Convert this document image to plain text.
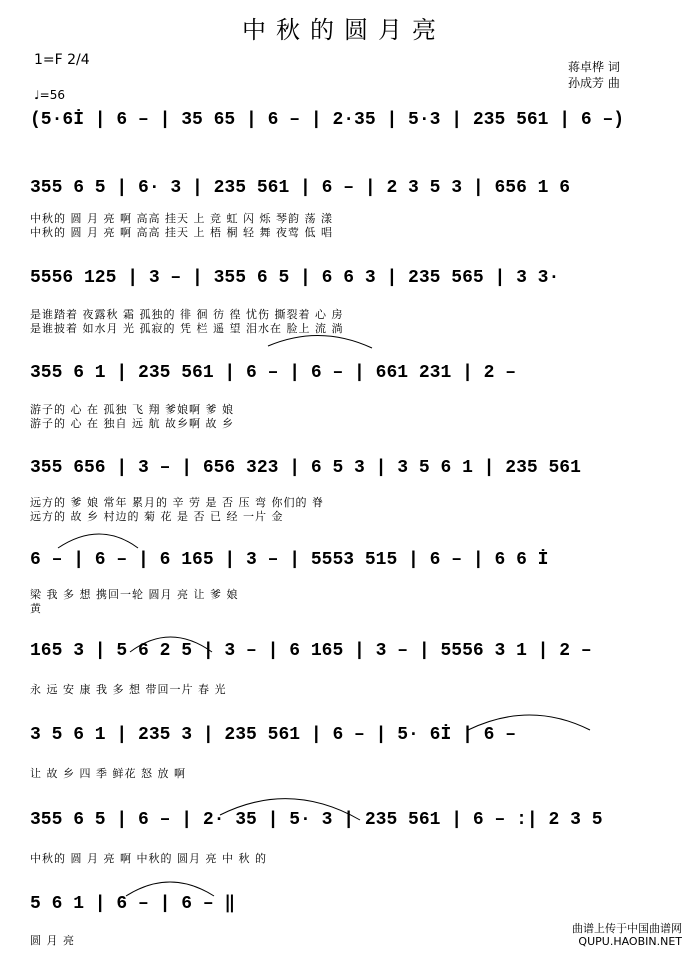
中秋的圆月亮
1=F 2/4
♩=56
蒋卓桦 词
孙成芳 曲
(5·6İ | 6 – | 35 65 | 6 – | 2·35 | 5·3 | 235 561 | 6 –)
355 6 5 | 6· 3 | 235 561 | 6 – | 2 3 5 3 | 656 1 6
中秋的 圆 月 亮 啊 高高 挂天 上 竞 虹 闪 烁 琴韵 荡 漾
中秋的 圆 月 亮 啊 高高 挂天 上 梧 桐 轻 舞 夜莺 低 唱
5556 125 | 3 – | 355 6 5 | 6 6 3 | 235 565 | 3 3·
是谁踏着 夜露秋 霜 孤独的 徘 徊 彷 徨 忧伤 撕裂着 心 房
是谁披着 如水月 光 孤寂的 凭 栏 遥 望 泪水在 脸上 流 淌
355 6 1 | 235 561 | 6 – | 6 – | 661 231 | 2 –
游子的 心 在 孤独 飞 翔 爹娘啊 爹 娘
游子的 心 在 独自 远 航 故乡啊 故 乡
355 656 | 3 – | 656 323 | 6 5 3 | 3 5 6 1 | 235 561
远方的 爹 娘 常年 累月的 辛 劳 是 否 压 弯 你们的 脊
远方的 故 乡 村边的 菊 花 是 否 已 经 一片 金
6 – | 6 – | 6 165 | 3 – | 5553 515 | 6 – | 6 6 İ
梁 我 多 想 携回一轮 圆月 亮 让 爹 娘
黄
165 3 | 5 6 2 5 | 3 – | 6 165 | 3 – | 5556 3 1 | 2 –
永 远 安 康 我 多 想 带回一片 春 光
3 5 6 1 | 235 3 | 235 561 | 6 – | 5· 6İ | 6 –
让 故 乡 四 季 鲜花 怒 放 啊
355 6 5 | 6 – | 2· 35 | 5· 3 | 235 561 | 6 – :| 2 3 5
中秋的 圆 月 亮 啊 中秋的 圆月 亮 中 秋 的
5 6 1 | 6 – | 6 – ‖
圆 月 亮
曲谱上传于中国曲谱网
QUPU.HAOBIN.NET
